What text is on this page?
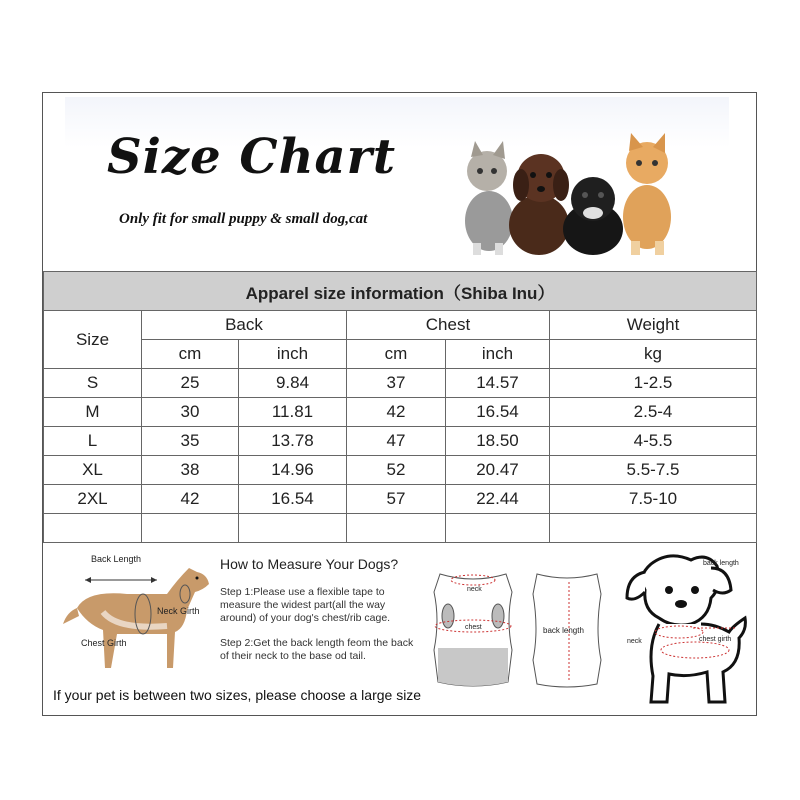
Size Chart
Only fit for small puppy & small dog,cat
Apparel size information（Shiba Inu）					
Size	Back		Chest		Weight
	cm	inch	cm	inch	kg
S	25	9.84	37	14.57	1-2.5
M	30	11.81	42	16.54	2.5-4
L	35	13.78	47	18.50	4-5.5
XL	38	14.96	52	20.47	5.5-7.5
2XL	42	16.54	57	22.44	7.5-10

Back Length
Neck Girth
Chest Girth
How to Measure Your Dogs?
Step 1:Please use a flexible tape to measure the widest part(all the way around) of your dog's chest/rib cage.
Step 2:Get the back length feom the back of their neck to the base od tail.
neck
chest	back length
back length
chest girth
neck
If your pet is between two sizes, please choose a large size
